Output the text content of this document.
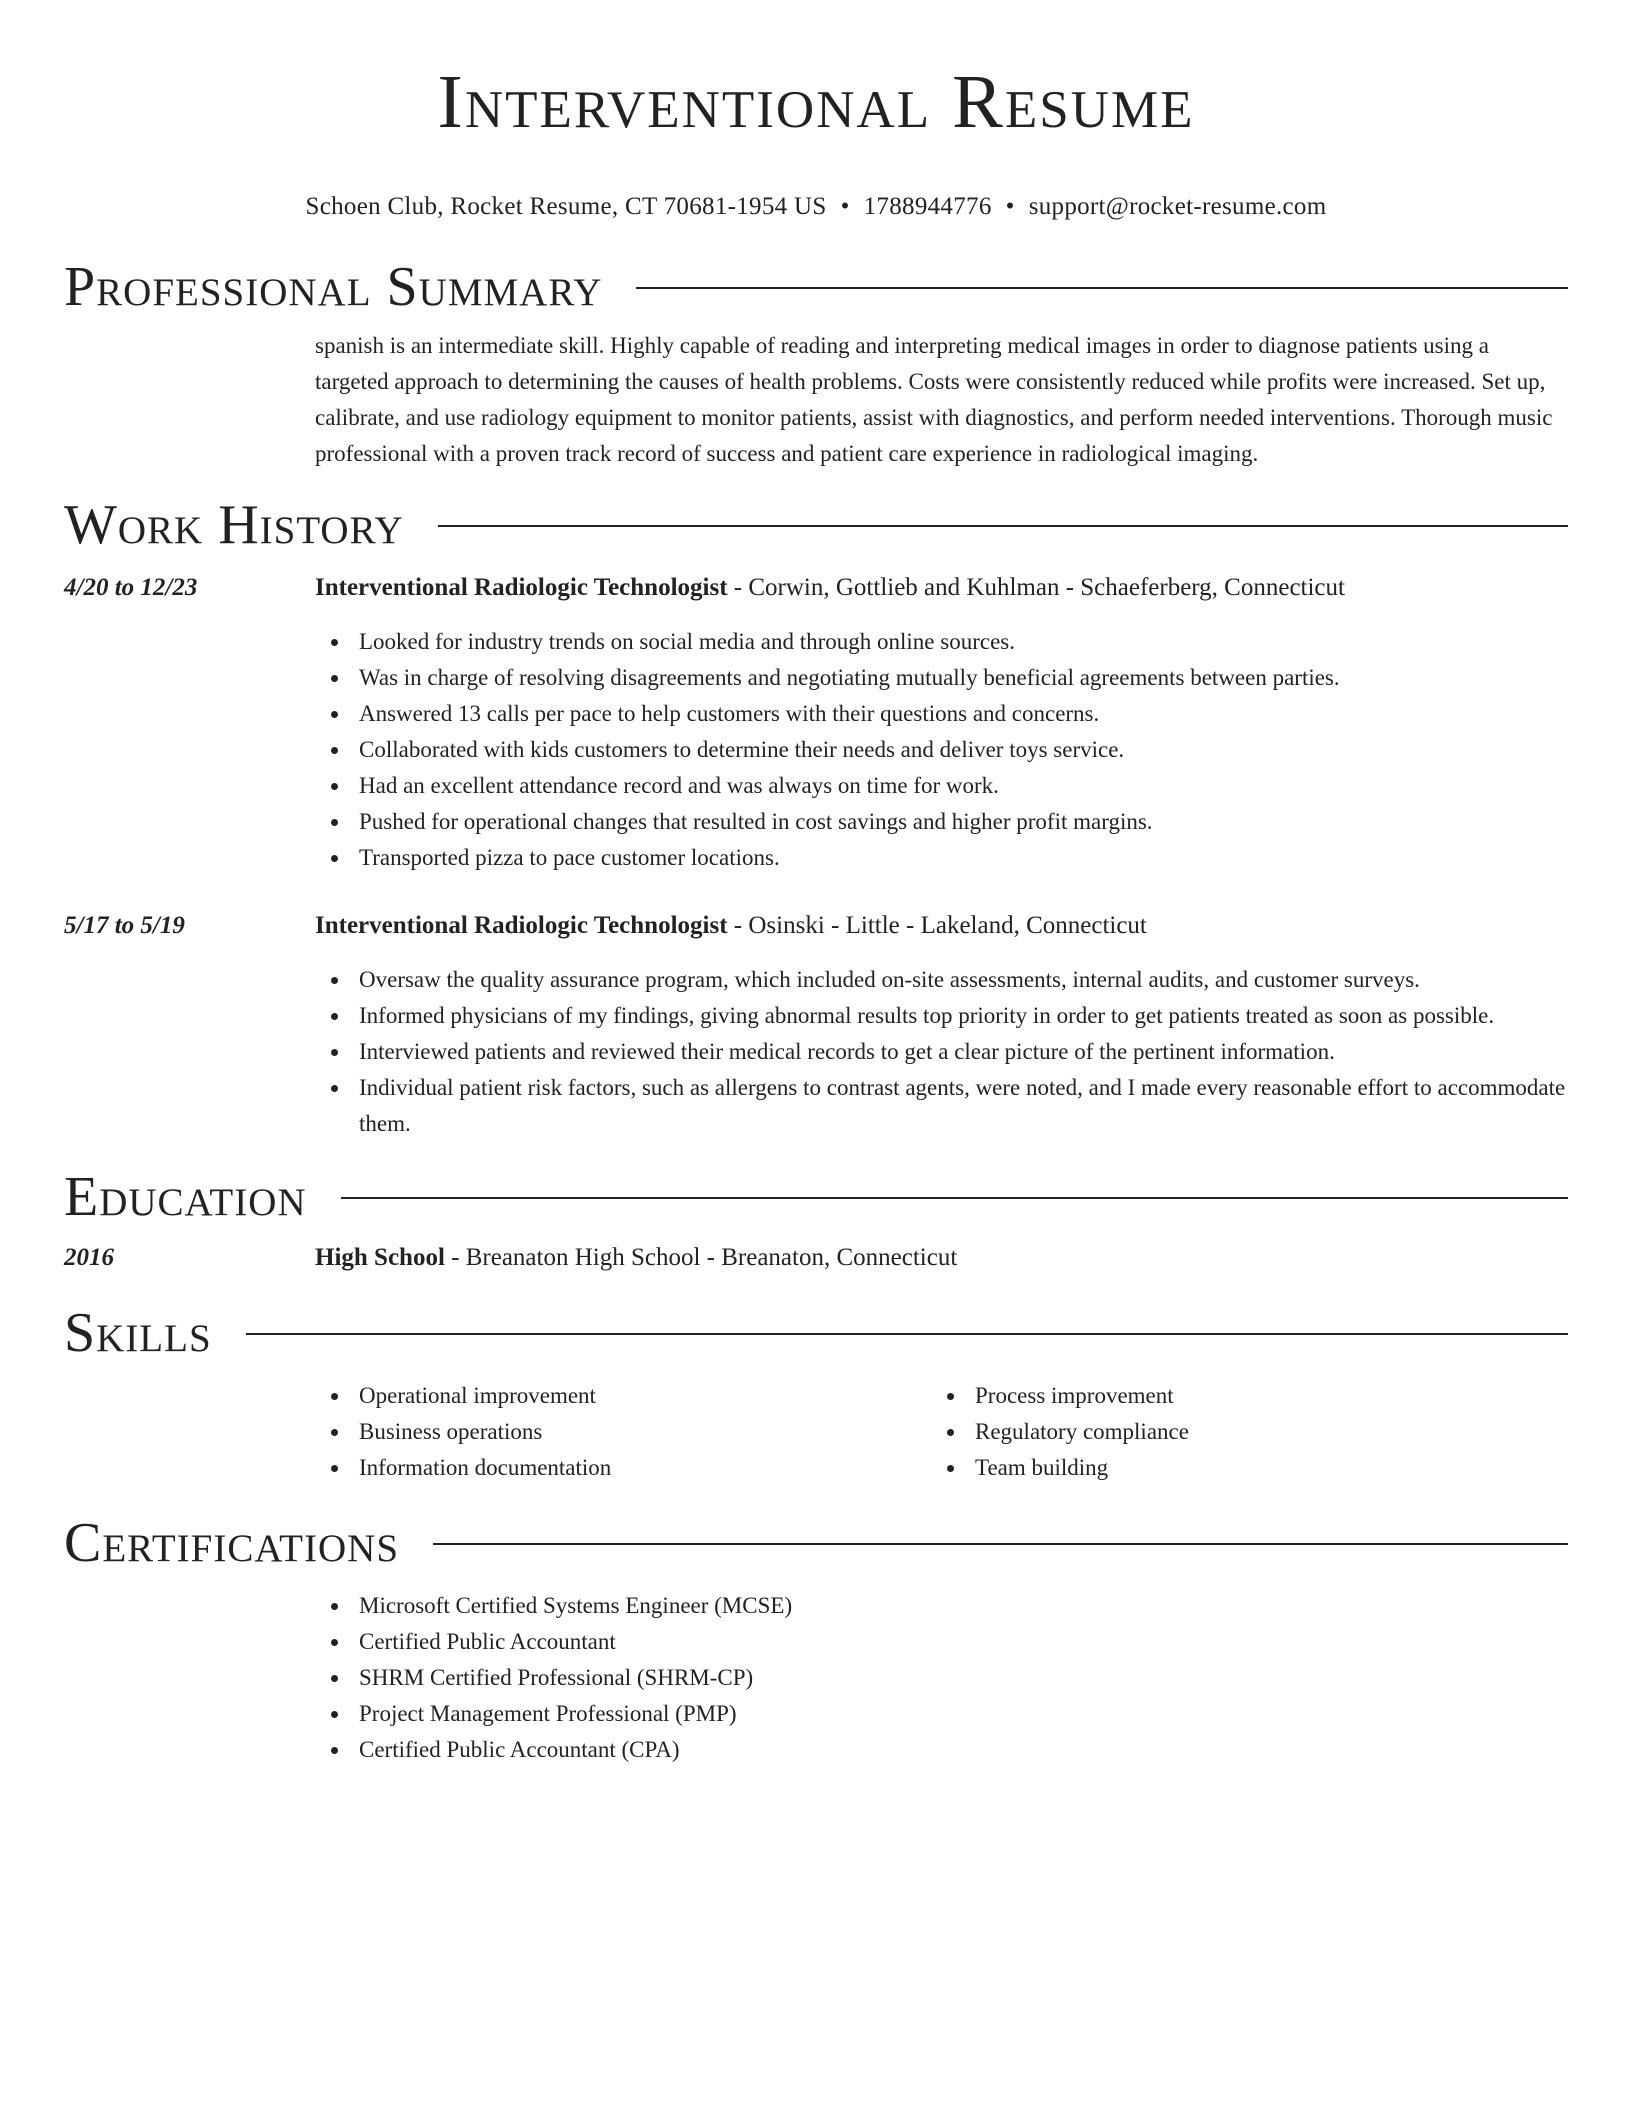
Interventional Resume
Schoen Club, Rocket Resume, CT 70681-1954 US • 1788944776 • support@rocket-resume.com
Professional Summary
spanish is an intermediate skill. Highly capable of reading and interpreting medical images in order to diagnose patients using a targeted approach to determining the causes of health problems. Costs were consistently reduced while profits were increased. Set up, calibrate, and use radiology equipment to monitor patients, assist with diagnostics, and perform needed interventions. Thorough music professional with a proven track record of success and patient care experience in radiological imaging.
Work History
4/20 to 12/23	Interventional Radiologic Technologist - Corwin, Gottlieb and Kuhlman - Schaeferberg, Connecticut
Looked for industry trends on social media and through online sources.
Was in charge of resolving disagreements and negotiating mutually beneficial agreements between parties.
Answered 13 calls per pace to help customers with their questions and concerns.
Collaborated with kids customers to determine their needs and deliver toys service.
Had an excellent attendance record and was always on time for work.
Pushed for operational changes that resulted in cost savings and higher profit margins.
Transported pizza to pace customer locations.
5/17 to 5/19	Interventional Radiologic Technologist - Osinski - Little - Lakeland, Connecticut
Oversaw the quality assurance program, which included on-site assessments, internal audits, and customer surveys.
Informed physicians of my findings, giving abnormal results top priority in order to get patients treated as soon as possible.
Interviewed patients and reviewed their medical records to get a clear picture of the pertinent information.
Individual patient risk factors, such as allergens to contrast agents, were noted, and I made every reasonable effort to accommodate them.
Education
2016	High School - Breanaton High School - Breanaton, Connecticut
Skills
Operational improvement
Business operations
Information documentation
Process improvement
Regulatory compliance
Team building
Certifications
Microsoft Certified Systems Engineer (MCSE)
Certified Public Accountant
SHRM Certified Professional (SHRM-CP)
Project Management Professional (PMP)
Certified Public Accountant (CPA)
